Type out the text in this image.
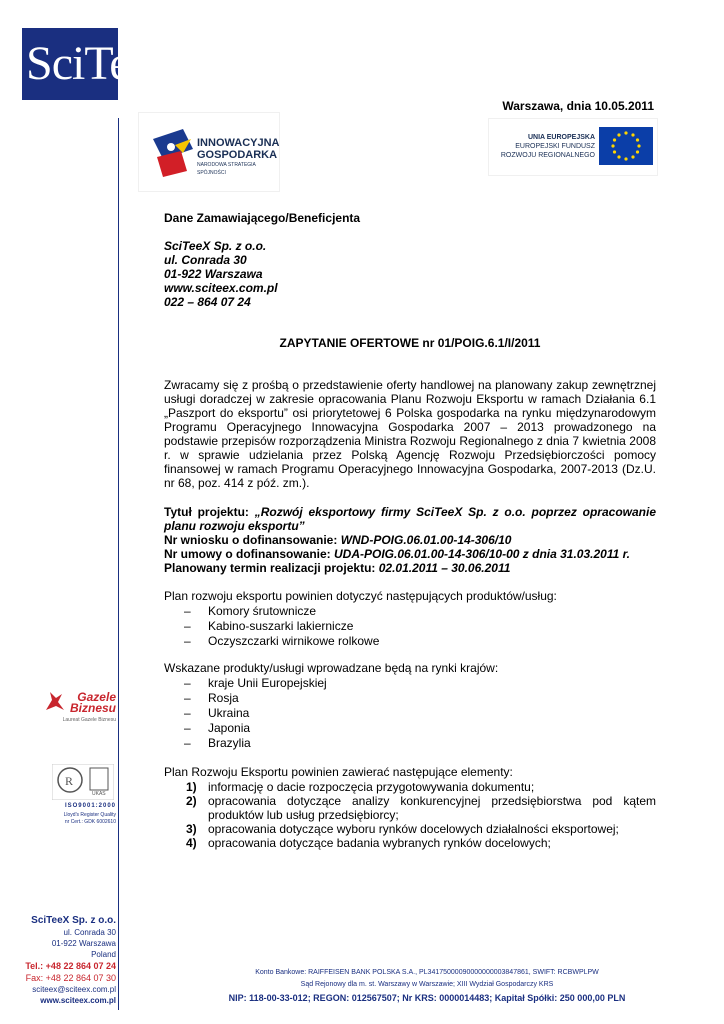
SciTeeX
Warszawa, dnia 10.05.2011
INNOWACYJNA
GOSPODARKA
NARODOWA STRATEGIA SPÓJNOŚCI
UNIA EUROPEJSKA
EUROPEJSKI FUNDUSZ
ROZWOJU REGIONALNEGO
Dane Zamawiającego/Beneficjenta
SciTeeX Sp. z o.o.
ul. Conrada 30
01-922 Warszawa
www.sciteex.com.pl
022 – 864 07 24
ZAPYTANIE OFERTOWE nr 01/POIG.6.1/I/2011
Zwracamy się z prośbą o przedstawienie oferty handlowej na planowany zakup zewnętrznej usługi doradczej w zakresie opracowania Planu Rozwoju Eksportu w ramach Działania 6.1 „Paszport do eksportu” osi priorytetowej 6 Polska gospodarka na rynku międzynarodowym Programu Operacyjnego Innowacyjna Gospodarka 2007 – 2013 prowadzonego na podstawie przepisów rozporządzenia Ministra Rozwoju Regionalnego z dnia 7 kwietnia 2008 r. w sprawie udzielania przez Polską Agencję Rozwoju Przedsiębiorczości pomocy finansowej w ramach Programu Operacyjnego Innowacyjna Gospodarka, 2007-2013 (Dz.U. nr 68, poz. 414 z póź. zm.).
Tytuł projektu: „Rozwój eksportowy firmy SciTeeX Sp. z o.o. poprzez opracowanie planu rozwoju eksportu”
Nr wniosku o dofinansowanie: WND-POIG.06.01.00-14-306/10
Nr umowy o dofinansowanie: UDA-POIG.06.01.00-14-306/10-00 z dnia 31.03.2011 r.
Planowany termin realizacji projektu: 02.01.2011 – 30.06.2011
Plan rozwoju eksportu powinien dotyczyć następujących produktów/usług:
– Komory śrutownicze
– Kabino-suszarki lakiernicze
– Oczyszczarki wirnikowe rolkowe
Wskazane produkty/usługi wprowadzane będą na rynki krajów:
– kraje Unii Europejskiej
– Rosja
– Ukraina
– Japonia
– Brazylia
Plan Rozwoju Eksportu powinien zawierać następujące elementy:
1) informację o dacie rozpoczęcia przygotowywania dokumentu;
2) opracowania dotyczące analizy konkurencyjnej przedsiębiorstwa pod kątem produktów lub usług przedsiębiorcy;
3) opracowania dotyczące wyboru rynków docelowych działalności eksportowej;
4) opracowania dotyczące badania wybranych rynków docelowych;
Gazele
Biznesu
Laureat Gazele Biznesu
R
UKAS
ISO9001:2000
Lloyd's Register Quality
nr Cert.: GDK 6002610
SciTeeX Sp. z o.o.
ul. Conrada 30
01-922 Warszawa
Poland
Tel.: +48 22 864 07 24
Fax: +48 22 864 07 30
sciteex@sciteex.com.pl
www.sciteex.com.pl
Konto Bankowe: RAIFFEISEN BANK POLSKA S.A., PL34175000090000000003847861, SWIFT: RCBWPLPW
Sąd Rejonowy dla m. st. Warszawy w Warszawie; XIII Wydział Gospodarczy KRS
NIP: 118-00-33-012; REGON: 012567507; Nr KRS: 0000014483; Kapitał Spółki: 250 000,00 PLN
